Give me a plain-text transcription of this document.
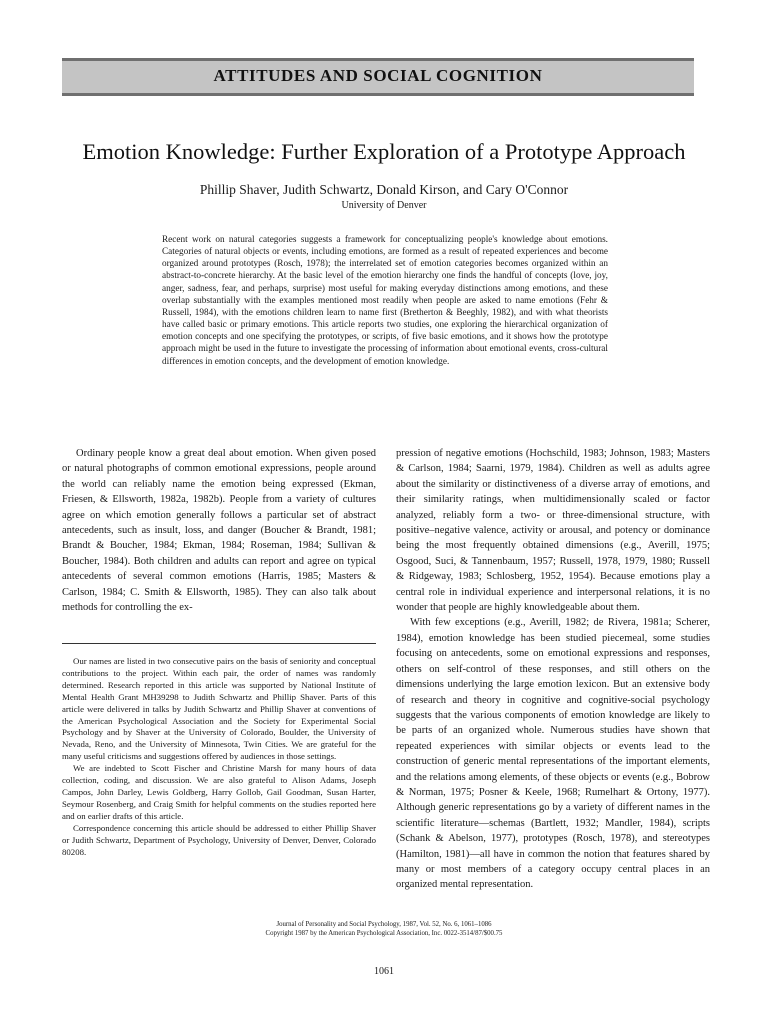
ATTITUDES AND SOCIAL COGNITION
Emotion Knowledge: Further Exploration of a Prototype Approach
Phillip Shaver, Judith Schwartz, Donald Kirson, and Cary O'Connor
University of Denver

Recent work on natural categories suggests a framework for conceptualizing people's knowledge about emotions. Categories of natural objects or events, including emotions, are formed as a result of repeated experiences and become organized around prototypes (Rosch, 1978); the interrelated set of emotion categories becomes organized within an abstract-to-concrete hierarchy. At the basic level of the emotion hierarchy one finds the handful of concepts (love, joy, anger, sadness, fear, and perhaps, surprise) most useful for making everyday distinctions among emotions, and these overlap substantially with the examples mentioned most readily when people are asked to name emotions (Fehr & Russell, 1984), with the emotions children learn to name first (Bretherton & Beeghly, 1982), and with what theorists have called basic or primary emotions. This article reports two studies, one exploring the hierarchical organization of emotion concepts and one specifying the prototypes, or scripts, of five basic emotions, and it shows how the prototype approach might be used in the future to investigate the processing of information about emotional events, cross-cultural differences in emotion concepts, and the development of emotion knowledge.

Ordinary people know a great deal about emotion. When given posed or natural photographs of common emotional expressions, people around the world can reliably name the emotion being expressed (Ekman, Friesen, & Ellsworth, 1982a, 1982b). People from a variety of cultures agree on which emotion generally follows a particular set of abstract antecedents, such as insult, loss, and danger (Boucher & Brandt, 1981; Brandt & Boucher, 1984; Ekman, 1984; Roseman, 1984; Sullivan & Boucher, 1984). Both children and adults can report and agree on typical antecedents of several common emotions (Harris, 1985; Masters & Carlson, 1984; C. Smith & Ellsworth, 1985). They can also talk about methods for controlling the ex-

Our names are listed in two consecutive pairs on the basis of seniority and conceptual contributions to the project. Within each pair, the order of names was randomly determined. Research reported in this article was supported by National Institute of Mental Health Grant MH39298 to Judith Schwartz and Phillip Shaver. Parts of this article were delivered in talks by Judith Schwartz and Phillip Shaver at conventions of the American Psychological Association and the Society for Experimental Social Psychology and by Shaver at the University of Colorado, Boulder, the University of Nevada, Reno, and the University of Minnesota, Twin Cities. We are grateful for the many useful criticisms and suggestions offered by audiences in those settings.

We are indebted to Scott Fischer and Christine Marsh for many hours of data collection, coding, and discussion. We are also grateful to Alison Adams, Joseph Campos, John Darley, Lewis Goldberg, Harry Gollob, Gail Goodman, Susan Harter, Seymour Rosenberg, and Craig Smith for helpful comments on the studies reported here and on earlier drafts of this article.

Correspondence concerning this article should be addressed to either Phillip Shaver or Judith Schwartz, Department of Psychology, University of Denver, Denver, Colorado 80208.

pression of negative emotions (Hochschild, 1983; Johnson, 1983; Masters & Carlson, 1984; Saarni, 1979, 1984). Children as well as adults agree about the similarity or distinctiveness of a diverse array of emotions, and their similarity ratings, when multidimensionally scaled or factor analyzed, reliably form a two- or three-dimensional structure, with positive–negative valence, activity or arousal, and potency or dominance being the most frequently obtained dimensions (e.g., Averill, 1975; Osgood, Suci, & Tannenbaum, 1957; Russell, 1978, 1979, 1980; Russell & Ridgeway, 1983; Schlosberg, 1952, 1954). Because emotions play a central role in individual experience and interpersonal relations, it is no wonder that people are highly knowledgeable about them.

With few exceptions (e.g., Averill, 1982; de Rivera, 1981a; Scherer, 1984), emotion knowledge has been studied piecemeal, some studies focusing on antecedents, some on emotional expressions and responses, others on self-control of these responses, and still others on the dimensions underlying the large emotion lexicon. But an extensive body of research and theory in cognitive and cognitive-social psychology suggests that the various components of emotion knowledge are likely to be parts of an organized whole. Numerous studies have shown that repeated experiences with similar objects or events lead to the construction of generic mental representations of the important elements, and the relations among elements, of these objects or events (e.g., Bobrow & Norman, 1975; Posner & Keele, 1968; Rumelhart & Ortony, 1977). Although generic representations go by a variety of different names in the scientific literature—schemas (Bartlett, 1932; Mandler, 1984), scripts (Schank & Abelson, 1977), prototypes (Rosch, 1978), and stereotypes (Hamilton, 1981)—all have in common the notion that features shared by many or most members of a category occupy central places in an organized mental representation.

Journal of Personality and Social Psychology, 1987, Vol. 52, No. 6, 1061–1086
Copyright 1987 by the American Psychological Association, Inc. 0022-3514/87/$00.75
1061
